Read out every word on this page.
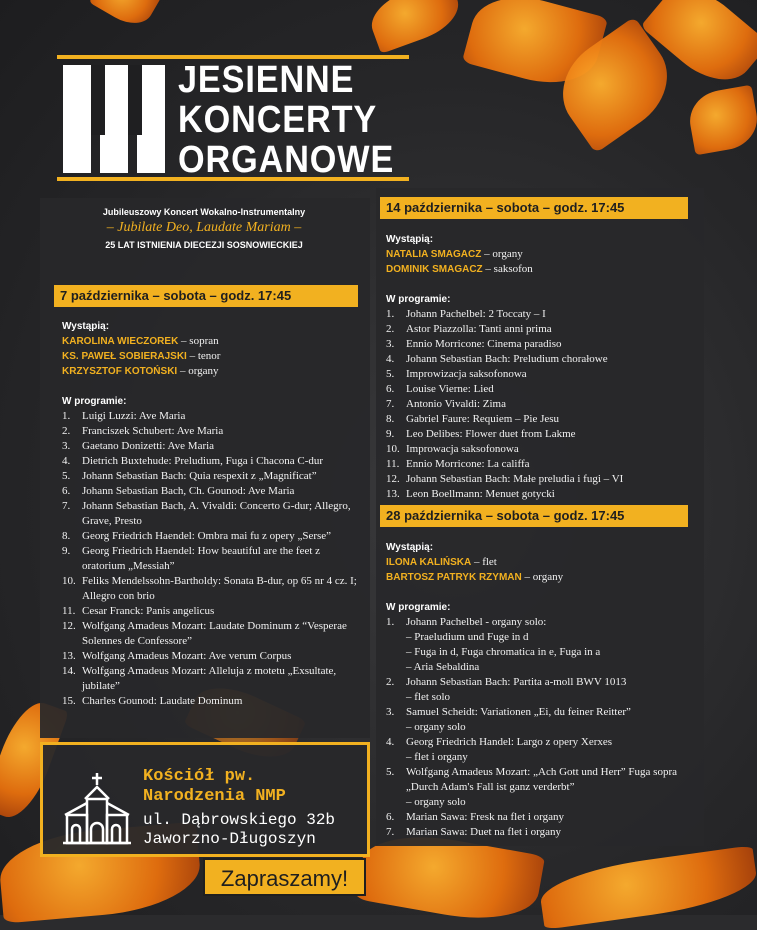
JESIENNE
KONCERTY
ORGANOWE
Jubileuszowy Koncert Wokalno-Instrumentalny
– Jubilate Deo, Laudate Mariam –
25 LAT ISTNIENIA DIECEZJI SOSNOWIECKIEJ
7 października – sobota – godz. 17:45
Wystąpią:
KAROLINA WIECZOREK – sopran
KS. PAWEŁ SOBIERAJSKI – tenor
KRZYSZTOF KOTOŃSKI – organy
W programie:
1. Luigi Luzzi: Ave Maria
2. Franciszek Schubert: Ave Maria
3. Gaetano Donizetti: Ave Maria
4. Dietrich Buxtehude: Preludium, Fuga i Chacona C-dur
5. Johann Sebastian Bach: Quia respexit z „Magnificat”
6. Johann Sebastian Bach, Ch. Gounod: Ave Maria
7. Johann Sebastian Bach, A. Vivaldi: Concerto G-dur; Allegro, Grave, Presto
8. Georg Friedrich Haendel: Ombra mai fu z opery „Serse”
9. Georg Friedrich Haendel: How beautiful are the feet z oratorium „Messiah”
10. Feliks Mendelssohn-Bartholdy: Sonata B-dur, op 65 nr 4 cz. I; Allegro con brio
11. Cesar Franck: Panis angelicus
12. Wolfgang Amadeus Mozart: Laudate Dominum z “Vesperae Solennes de Confessore”
13. Wolfgang Amadeus Mozart: Ave verum Corpus
14. Wolfgang Amadeus Mozart: Alleluja z motetu „Exsultate, jubilate”
15. Charles Gounod: Laudate Dominum
14 października – sobota – godz. 17:45
Wystąpią:
NATALIA SMAGACZ – organy
DOMINIK SMAGACZ – saksofon
W programie:
1. Johann Pachelbel: 2 Toccaty – I
2. Astor Piazzolla: Tanti anni prima
3. Ennio Morricone: Cinema paradiso
4. Johann Sebastian Bach: Preludium chorałowe
5. Improwizacja saksofonowa
6. Louise Vierne: Lied
7. Antonio Vivaldi: Zima
8. Gabriel Faure: Requiem – Pie Jesu
9. Leo Delibes: Flower duet from Lakme
10. Improwacja saksofonowa
11. Ennio Morricone: La califfa
12. Johann Sebastian Bach: Małe preludia i fugi – VI
13. Leon Boellmann: Menuet gotycki
28 października – sobota – godz. 17:45
Wystąpią:
ILONA KALIŃSKA – flet
BARTOSZ PATRYK RZYMAN – organy
W programie:
1. Johann Pachelbel - organy solo:
– Praeludium und Fuge in d
– Fuga in d, Fuga chromatica in e, Fuga in a
– Aria Sebaldina
2. Johann Sebastian Bach: Partita a-moll BWV 1013
– flet solo
3. Samuel Scheidt: Variationen „Ei, du feiner Reitter”
– organy solo
4. Georg Friedrich Handel: Largo z opery Xerxes
– flet i organy
5. Wolfgang Amadeus Mozart: „Ach Gott und Herr” Fuga sopra „Durch Adam's Fall ist ganz verderbt”
– organy solo
6. Marian Sawa: Fresk na flet i organy
7. Marian Sawa: Duet na flet i organy
Kościół pw.
Narodzenia NMP
ul. Dąbrowskiego 32b
Jaworzno-Długoszyn
Zapraszamy!
